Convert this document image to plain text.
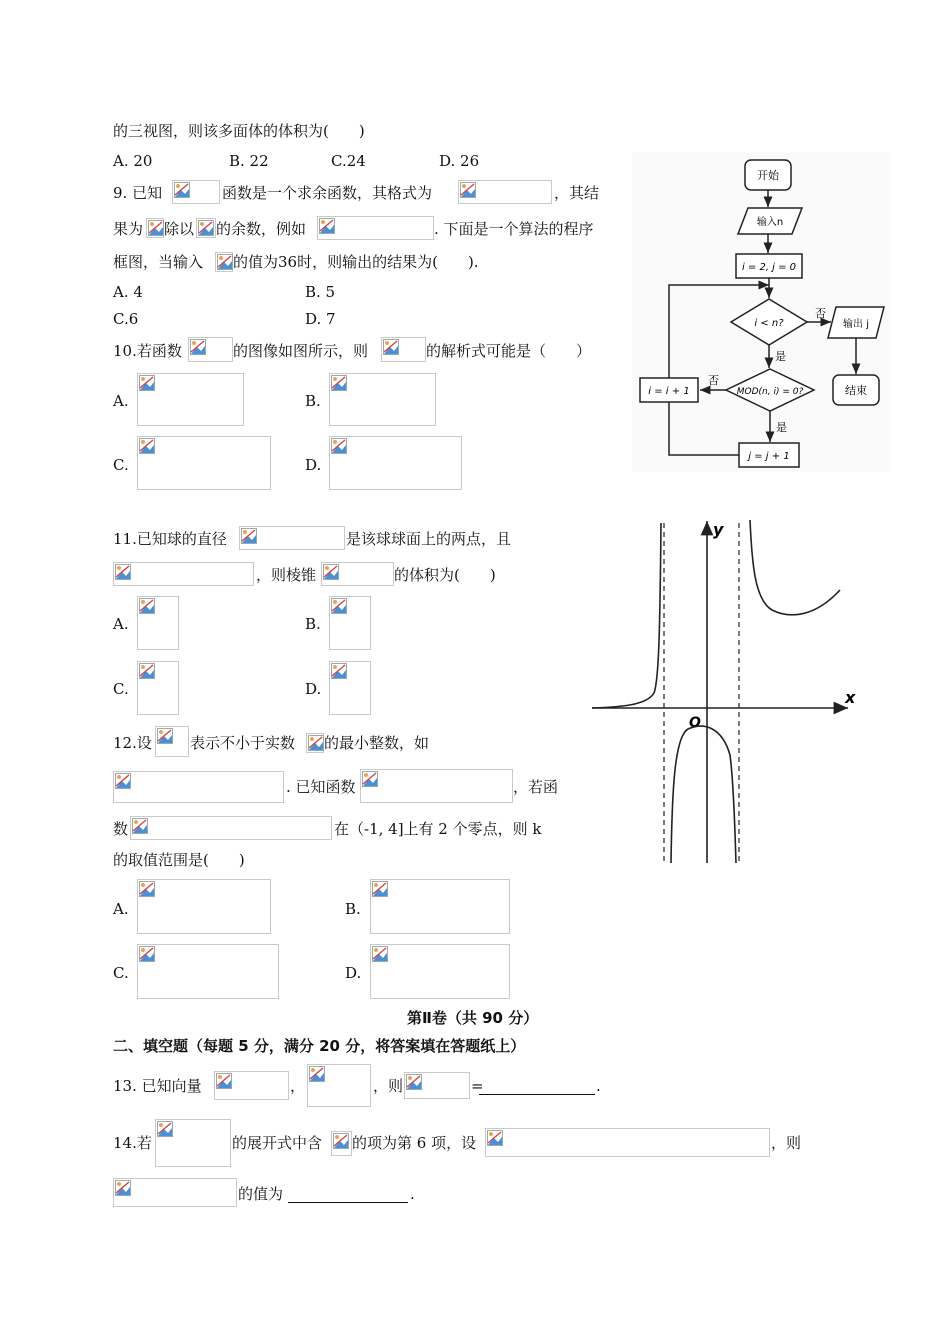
的三视图，则该多面体的体积为(　　)
A. 20	B. 22	C.24	D. 26
9. 已知	函数是一个求余函数，其格式为	，其结
果为 除以 的余数，例如	. 下面是一个算法的程序
框图，当输入 的值为36时，则输出的结果为(　　).
A. 4	B. 5
C.6	D. 7
10.若函数	的图像如图所示，则	的解析式可能是（　　）
A.	B.
C.	D.
11.已知球的直径	是该球球面上的两点，且
，则棱锥	的体积为(　　)
A.	B.
C.	D.
12.设	表示不小于实数 的最小整数，如
. 已知函数	，若函
数	在（-1, 4]上有 2 个零点，则 k
的取值范围是(　　)
A.	B.
C.	D.
第Ⅱ卷（共 90 分）
二、填空题（每题 5 分，满分 20 分，将答案填在答题纸上）
13. 已知向量	，	，则	=	.
14.若	的展开式中含 的项为第 6 项，设	，则
的值为	.
开始
输入n
i = 2, j = 0
i < n?
否
输出 j
结束
是
MOD(n, i) = 0?
否
i = i + 1
是
j = j + 1
x
y
O
